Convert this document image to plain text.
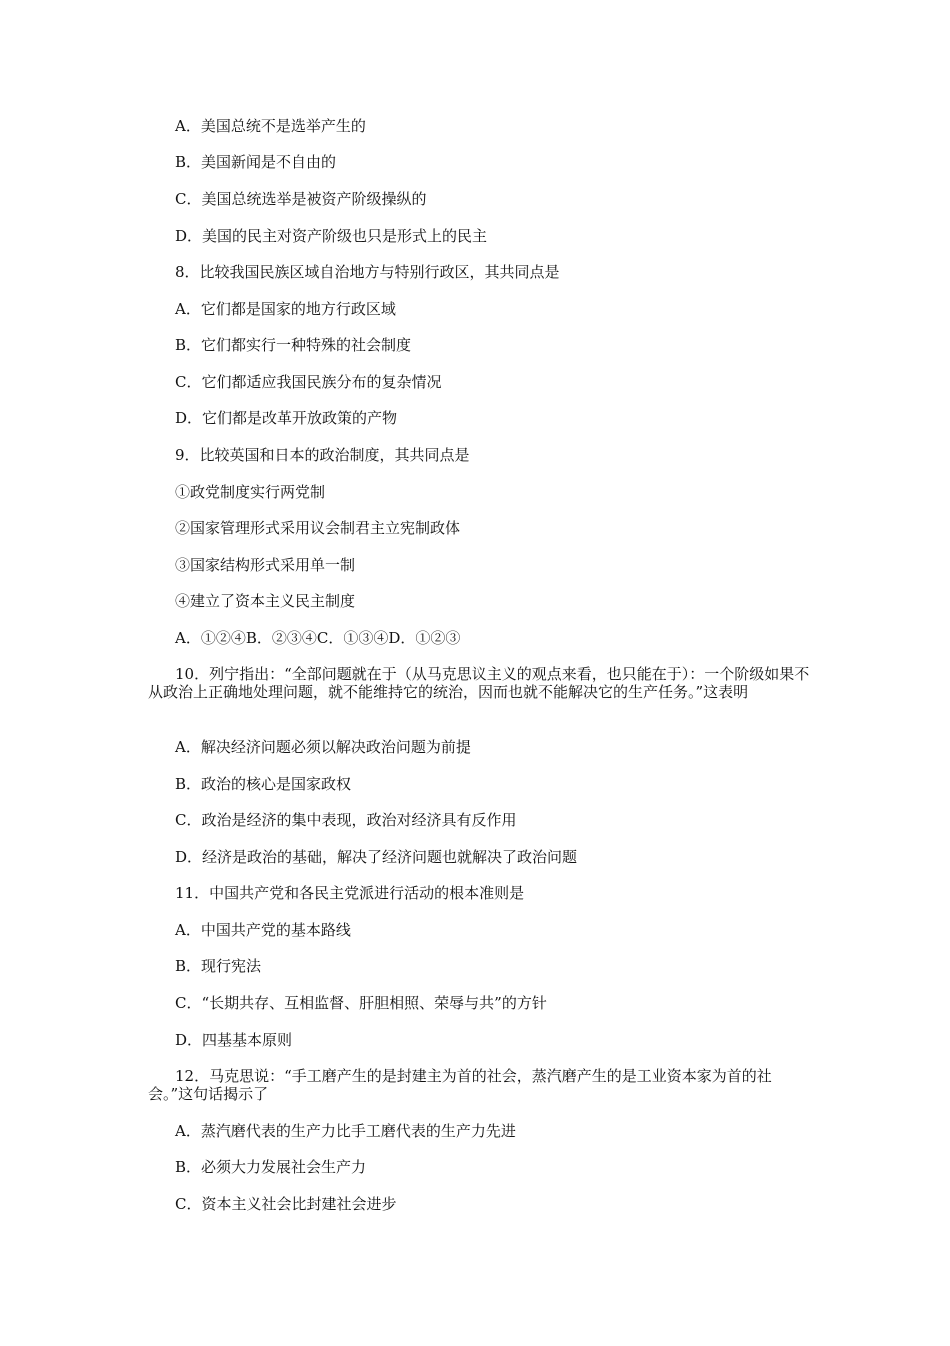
A．美国总统不是选举产生的
B．美国新闻是不自由的
C．美国总统选举是被资产阶级操纵的
D．美国的民主对资产阶级也只是形式上的民主
8．比较我国民族区域自治地方与特别行政区，其共同点是
A．它们都是国家的地方行政区域
B．它们都实行一种特殊的社会制度
C．它们都适应我国民族分布的复杂情况
D．它们都是改革开放政策的产物
9．比较英国和日本的政治制度，其共同点是
①政党制度实行两党制
②国家管理形式采用议会制君主立宪制政体
③国家结构形式采用单一制
④建立了资本主义民主制度
A．①②④B．②③④C．①③④D．①②③
10．列宁指出：“全部问题就在于（从马克思议主义的观点来看，也只能在于）：一个阶级如果不从政治上正确地处理问题，就不能维持它的统治，因而也就不能解决它的生产任务。”这表明
A．解决经济问题必须以解决政治问题为前提
B．政治的核心是国家政权
C．政治是经济的集中表现，政治对经济具有反作用
D．经济是政治的基础，解决了经济问题也就解决了政治问题
11．中国共产党和各民主党派进行活动的根本准则是
A．中国共产党的基本路线
B．现行宪法
C．“长期共存、互相监督、肝胆相照、荣辱与共”的方针
D．四基基本原则
12．马克思说：“手工磨产生的是封建主为首的社会，蒸汽磨产生的是工业资本家为首的社会。”这句话揭示了
A．蒸汽磨代表的生产力比手工磨代表的生产力先进
B．必须大力发展社会生产力
C．资本主义社会比封建社会进步
